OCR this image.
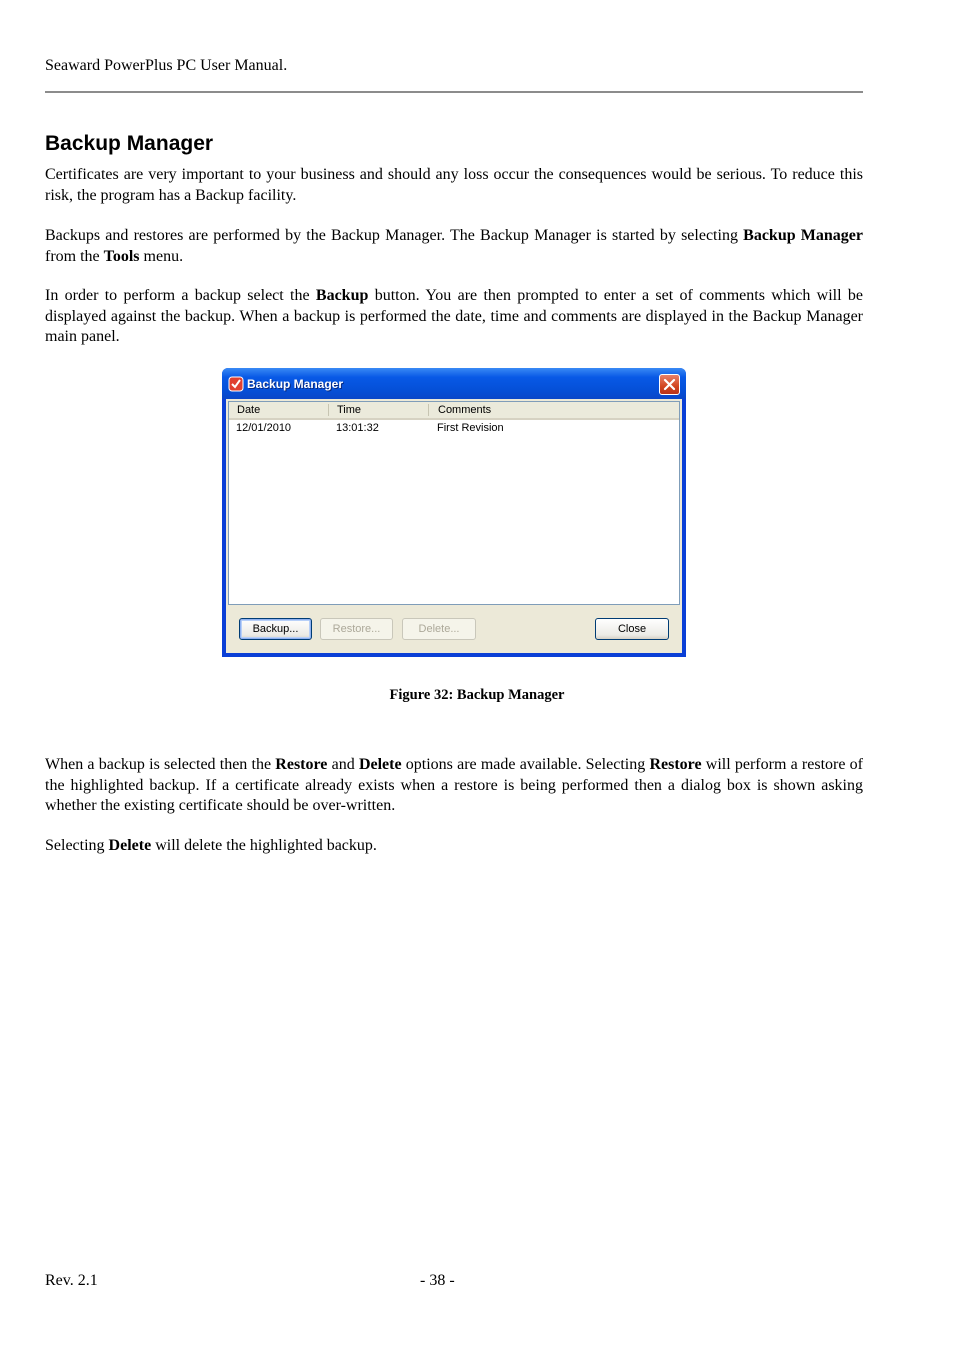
Seaward PowerPlus PC User Manual.
Backup Manager

Certificates are very important to your business and should any loss occur the consequences would be serious. To reduce this risk, the program has a Backup facility.

Backups and restores are performed by the Backup Manager. The Backup Manager is started by selecting Backup Manager from the Tools menu.

In order to perform a backup select the Backup button. You are then prompted to enter a set of comments which will be displayed against the backup. When a backup is performed the date, time and comments are displayed in the Backup Manager main panel.

Backup Manager
Date	Time	Comments
12/01/2010	13:01:32	First Revision
Backup...	Restore...	Delete...	Close
Figure 32: Backup Manager

When a backup is selected then the Restore and Delete options are made available. Selecting Restore will perform a restore of the highlighted backup. If a certificate already exists when a restore is being performed then a dialog box is shown asking whether the existing certificate should be over-written.

Selecting Delete will delete the highlighted backup.

Rev. 2.1	- 38 -
